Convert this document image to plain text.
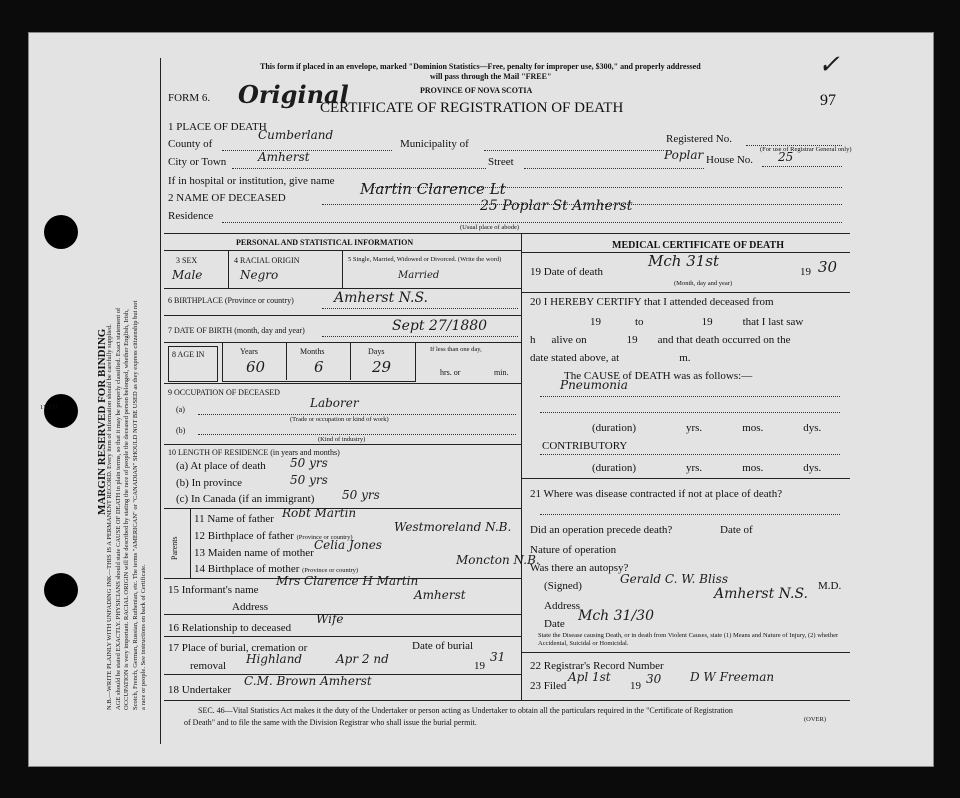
MARGIN RESERVED FOR BINDING
N.B.—WRITE PLAINLY WITH UNFADING INK—THIS IS A PERMANENT RECORD. Every item of information should be carefully supplied. AGE should be stated EXACTLY. PHYSICIANS should state CAUSE OF DEATH in plain terms, so that it may be properly classified. Exact statement of OCCUPATION is very important. RACIAL ORIGIN will be described by stating the race of people the deceased person belonged, whether English, Irish, Scotch, French, German, Russian, Ruthenian, etc. The terms "AMERICAN" or "CANADIAN" SHOULD NOT BE USED as they express citizenship but not a race or people. See instructions on back of Certificate.
111111
This form if placed in an envelope, marked "Dominion Statistics—Free, penalty for improper use, $300," and properly addressed
will pass through the Mail "FREE"
FORM 6. Original	PROVINCE OF NOVA SCOTIA
CERTIFICATE OF REGISTRATION OF DEATH	97
✓
1 PLACE OF DEATH
County of
Cumberland
Municipality of	Registered No.
(For use of Registrar General only)
City or Town	Amherst	Street	Poplar House No. 25
If in hospital or institution, give name
2 NAME OF DECEASED	Martin Clarence Lt
Residence
25 Poplar St Amherst
(Usual place of abode)
PERSONAL AND STATISTICAL INFORMATION
3 SEX
Male
4 RACIAL ORIGIN
Negro
5 Single, Married, Widowed or Divorced. (Write the word)
Married
6 BIRTHPLACE (Province or country)	Amherst N.S.
7 DATE OF BIRTH (month, day and year)	Sept 27/1880
8 AGE IN	Years	Months	Days
60	6	29
If less than one day,
hrs. or	min.
9 OCCUPATION OF DECEASED
(a)	Laborer
(Trade or occupation or kind of work)
(b)
(Kind of industry)
10 LENGTH OF RESIDENCE (in years and months)
(a) At place of death 50 yrs
(b) In province	50 yrs
(c) In Canada (if an immigrant) 50 yrs
Parents
11 Name of father Robt Martin
12 Birthplace of father (Province or country)
Westmoreland N.B.
13 Maiden name of mother
Celia Jones
14 Birthplace of mother (Province or country)
Moncton N.B.
15 Informant's name
Mrs Clarence H Martin
Address
Amherst
16 Relationship to deceased
Wife
17 Place of burial, cremation or
removal Highland
Date of burial
Apr 2 nd	19
31
18 Undertaker
C.M. Brown Amherst
MEDICAL CERTIFICATE OF DEATH
19 Date of death
Mch 31st
19 30
(Month, day and year)
20 I HEREBY CERTIFY that I attended deceased from
19	to	19	that I last saw
h alive on	19 and that death occurred on the
date stated above, at	m.
The CAUSE of DEATH was as follows:—
Pneumonia
(duration)	yrs.	mos.	dys.
CONTRIBUTORY
(duration)	yrs.	mos.	dys.
21 Where was disease contracted if not at place of death?
Did an operation precede death?	Date of
Nature of operation
Was there an autopsy?
(Signed)	Gerald C. W. Bliss	M.D.
Address
Amherst N.S.
Date Mch 31/30
State the Disease causing Death, or in death from Violent Causes, state (1) Means and Nature of Injury, (2) whether Accidental, Suicidal or Homicidal.
22 Registrar's Record Number
23 Filed
Apl 1st
19 30 D W Freeman
SEC. 46—Vital Statistics Act makes it the duty of the Undertaker or person acting as Undertaker to obtain all the particulars required in the "Certificate of Registration
of Death" and to file the same with the Division Registrar who shall issue the burial permit.	(OVER)
